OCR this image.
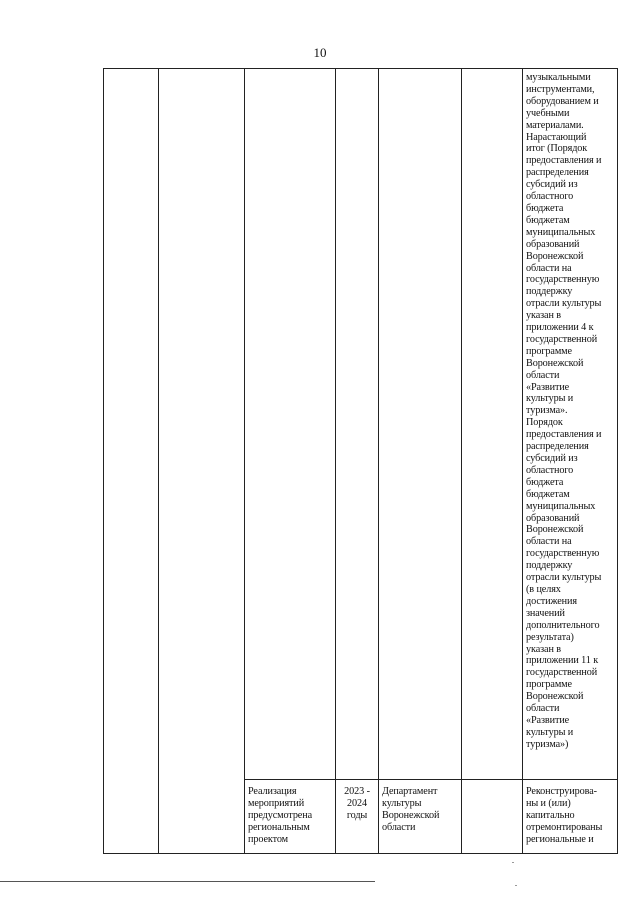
10
музыкальными
инструментами,
оборудованием и
учебными
материалами.
Нарастающий
итог (Порядок
предоставления и
распределения
субсидий из
областного
бюджета
бюджетам
муниципальных
образований
Воронежской
области на
государственную
поддержку
отрасли культуры
указан в
приложении 4 к
государственной
программе
Воронежской
области
«Развитие
культуры и
туризма».
Порядок
предоставления и
распределения
субсидий из
областного
бюджета
бюджетам
муниципальных
образований
Воронежской
области на
государственную
поддержку
отрасли культуры
(в целях
достижения
значений
дополнительного
результата)
указан в
приложении 11 к
государственной
программе
Воронежской
области
«Развитие
культуры и
туризма»)
Реализация
мероприятий
предусмотрена
региональным
проектом
2023 -
2024
годы
Департамент
культуры
Воронежской
области
Реконструирова-
ны и (или)
капитально
отремонтированы
региональные и
